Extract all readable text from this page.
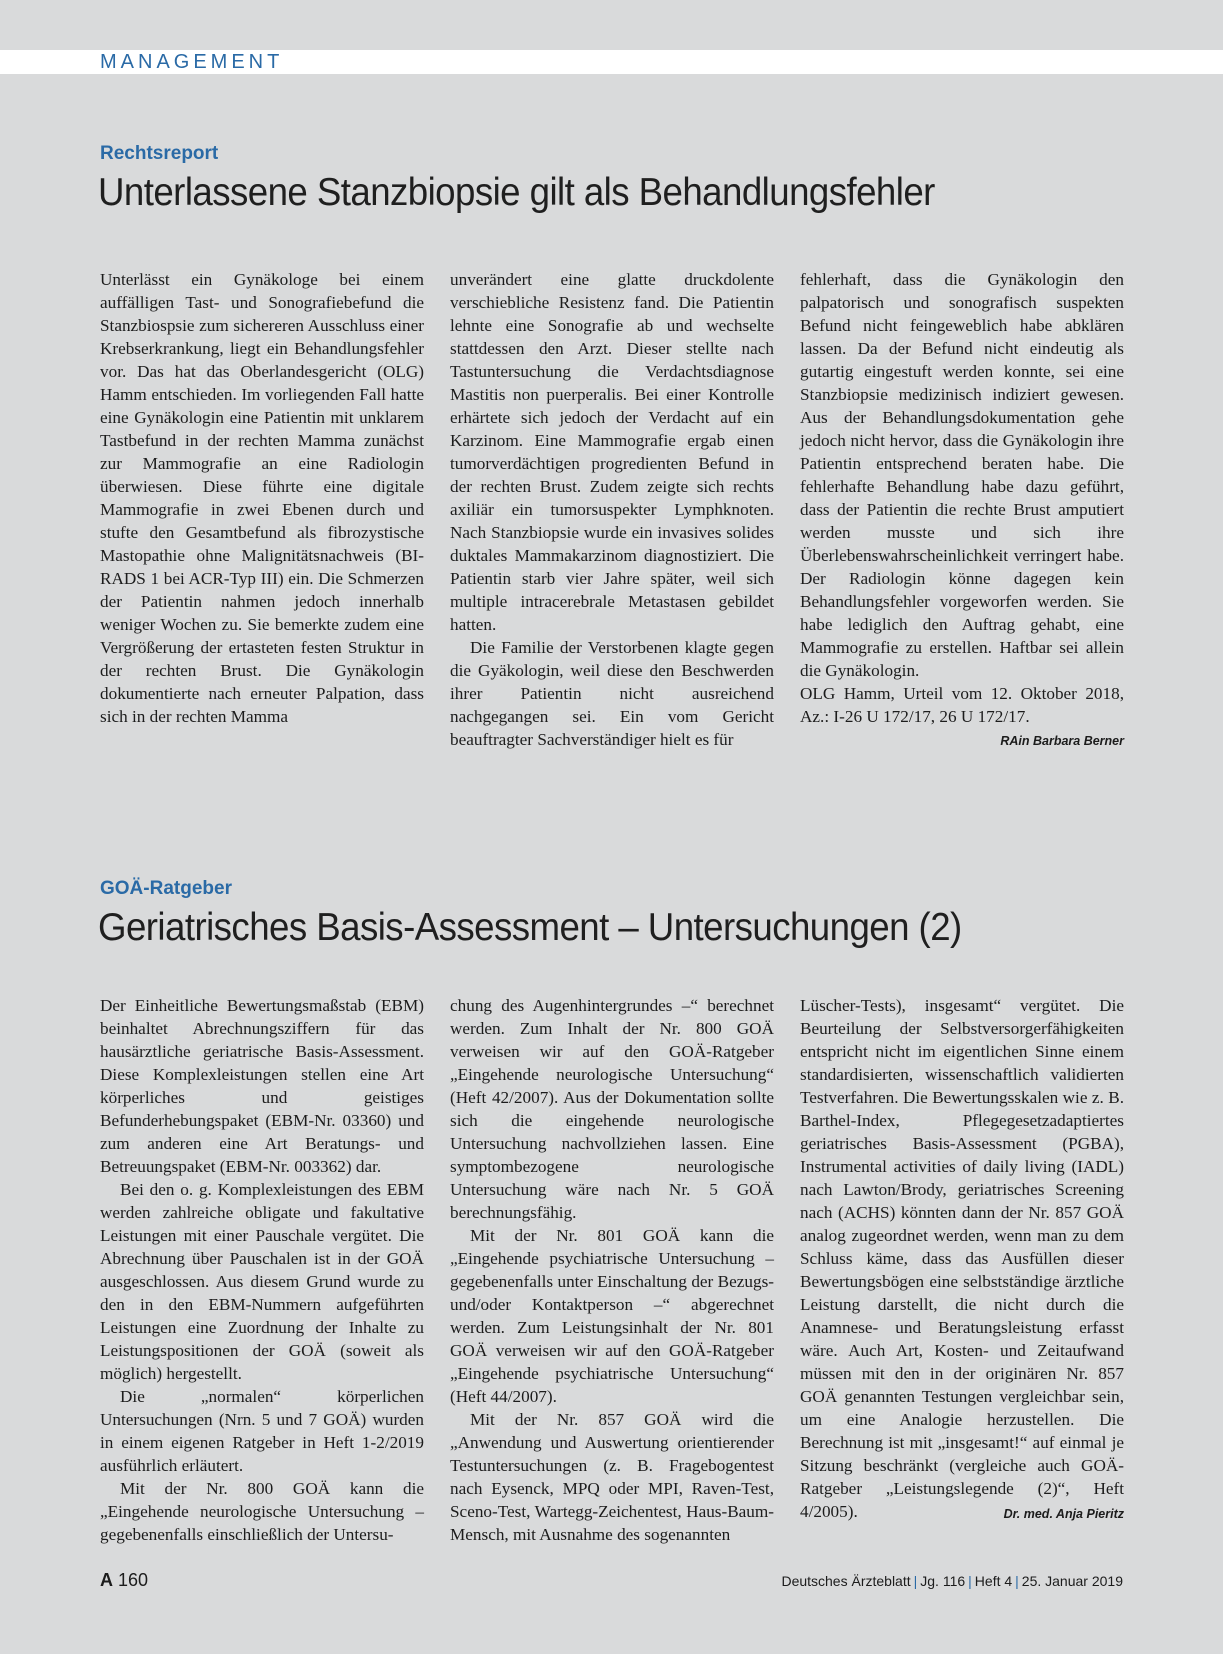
MANAGEMENT
Rechtsreport
Unterlassene Stanzbiopsie gilt als Behandlungsfehler

Unterlässt ein Gynäkologe bei einem auffälligen Tast- und Sonografiebefund die Stanzbiospsie zum sichereren Ausschluss einer Krebserkrankung, liegt ein Behandlungsfehler vor. Das hat das Oberlandesgericht (OLG) Hamm entschieden. Im vorliegenden Fall hatte eine Gynäkologin eine Patientin mit unklarem Tastbefund in der rechten Mamma zunächst zur Mammografie an eine Radiologin überwiesen. Diese führte eine digitale Mammografie in zwei Ebenen durch und stufte den Gesamtbefund als fibrozystische Mastopathie ohne Malignitätsnachweis (BI-RADS 1 bei ACR-Typ III) ein. Die Schmerzen der Patientin nahmen jedoch innerhalb weniger Wochen zu. Sie bemerkte zudem eine Vergrößerung der ertasteten festen Struktur in der rechten Brust. Die Gynäkologin dokumentierte nach erneuter Palpation, dass sich in der rechten Mamma

unverändert eine glatte druckdolente verschiebliche Resistenz fand. Die Patientin lehnte eine Sonografie ab und wechselte stattdessen den Arzt. Dieser stellte nach Tastuntersuchung die Verdachtsdiagnose Mastitis non puerperalis. Bei einer Kontrolle erhärtete sich jedoch der Verdacht auf ein Karzinom. Eine Mammografie ergab einen tumorverdächtigen progredienten Befund in der rechten Brust. Zudem zeigte sich rechts axiliär ein tumorsuspekter Lymphknoten. Nach Stanzbiopsie wurde ein invasives solides duktales Mammakarzinom diagnostiziert. Die Patientin starb vier Jahre später, weil sich multiple intracerebrale Metastasen gebildet hatten.

Die Familie der Verstorbenen klagte gegen die Gyäkologin, weil diese den Beschwerden ihrer Patientin nicht ausreichend nachgegangen sei. Ein vom Gericht beauftragter Sachverständiger hielt es für

fehlerhaft, dass die Gynäkologin den palpatorisch und sonografisch suspekten Befund nicht feingeweblich habe abklären lassen. Da der Befund nicht eindeutig als gutartig eingestuft werden konnte, sei eine Stanzbiopsie medizinisch indiziert gewesen. Aus der Behandlungsdokumentation gehe jedoch nicht hervor, dass die Gynäkologin ihre Patientin entsprechend beraten habe. Die fehlerhafte Behandlung habe dazu geführt, dass der Patientin die rechte Brust amputiert werden musste und sich ihre Überlebenswahrscheinlichkeit verringert habe. Der Radiologin könne dagegen kein Behandlungsfehler vorgeworfen werden. Sie habe lediglich den Auftrag gehabt, eine Mammografie zu erstellen. Haftbar sei allein die Gynäkologin.

OLG Hamm, Urteil vom 12. Oktober 2018, Az.: I-26 U 172/17, 26 U 172/17.

RAin Barbara Berner
GOÄ-Ratgeber
Geriatrisches Basis-Assessment – Untersuchungen (2)

Der Einheitliche Bewertungsmaßstab (EBM) beinhaltet Abrechnungsziffern für das hausärztliche geriatrische Basis-Assessment. Diese Komplexleistungen stellen eine Art körperliches und geistiges Befunderhebungspaket (EBM-Nr. 03360) und zum anderen eine Art Beratungs- und Betreuungspaket (EBM-Nr. 003362) dar.

Bei den o. g. Komplexleistungen des EBM werden zahlreiche obligate und fakultative Leistungen mit einer Pauschale vergütet. Die Abrechnung über Pauschalen ist in der GOÄ ausgeschlossen. Aus diesem Grund wurde zu den in den EBM-Nummern aufgeführten Leistungen eine Zuordnung der Inhalte zu Leistungspositionen der GOÄ (soweit als möglich) hergestellt.

Die „normalen“ körperlichen Untersuchungen (Nrn. 5 und 7 GOÄ) wurden in einem eigenen Ratgeber in Heft 1-2/2019 ausführlich erläutert.

Mit der Nr. 800 GOÄ kann die „Eingehende neurologische Untersuchung – gegebenenfalls einschließlich der Untersu-

chung des Augenhintergrundes –“ berechnet werden. Zum Inhalt der Nr. 800 GOÄ verweisen wir auf den GOÄ-Ratgeber „Eingehende neurologische Untersuchung“ (Heft 42/2007). Aus der Dokumentation sollte sich die eingehende neurologische Untersuchung nachvollziehen lassen. Eine symptombezogene neurologische Untersuchung wäre nach Nr. 5 GOÄ berechnungsfähig.

Mit der Nr. 801 GOÄ kann die „Eingehende psychiatrische Untersuchung – gegebenenfalls unter Einschaltung der Bezugs- und/oder Kontaktperson –“ abgerechnet werden. Zum Leistungsinhalt der Nr. 801 GOÄ verweisen wir auf den GOÄ-Ratgeber „Eingehende psychiatrische Untersuchung“ (Heft 44/2007).

Mit der Nr. 857 GOÄ wird die „Anwendung und Auswertung orientierender Testuntersuchungen (z. B. Fragebogentest nach Eysenck, MPQ oder MPI, Raven-Test, Sceno-Test, Wartegg-Zeichentest, Haus-Baum-Mensch, mit Ausnahme des sogenannten

Lüscher-Tests), insgesamt“ vergütet. Die Beurteilung der Selbstversorgerfähigkeiten entspricht nicht im eigentlichen Sinne einem standardisierten, wissenschaftlich validierten Testverfahren. Die Bewertungsskalen wie z. B. Barthel-Index, Pflegegesetzadaptiertes geriatrisches Basis-Assessment (PGBA), Instrumental activities of daily living (IADL) nach Lawton/Brody, geriatrisches Screening nach (ACHS) könnten dann der Nr. 857 GOÄ analog zugeordnet werden, wenn man zu dem Schluss käme, dass das Ausfüllen dieser Bewertungsbögen eine selbstständige ärztliche Leistung darstellt, die nicht durch die Anamnese- und Beratungsleistung erfasst wäre. Auch Art, Kosten- und Zeitaufwand müssen mit den in der originären Nr. 857 GOÄ genannten Testungen vergleichbar sein, um eine Analogie herzustellen. Die Berechnung ist mit „insgesamt!“ auf einmal je Sitzung beschränkt (vergleiche auch GOÄ-Ratgeber „Leistungslegende (2)“, Heft 4/2005).	Dr. med. Anja Pieritz

A 160	Deutsches Ärzteblatt | Jg. 116 | Heft 4 | 25. Januar 2019
